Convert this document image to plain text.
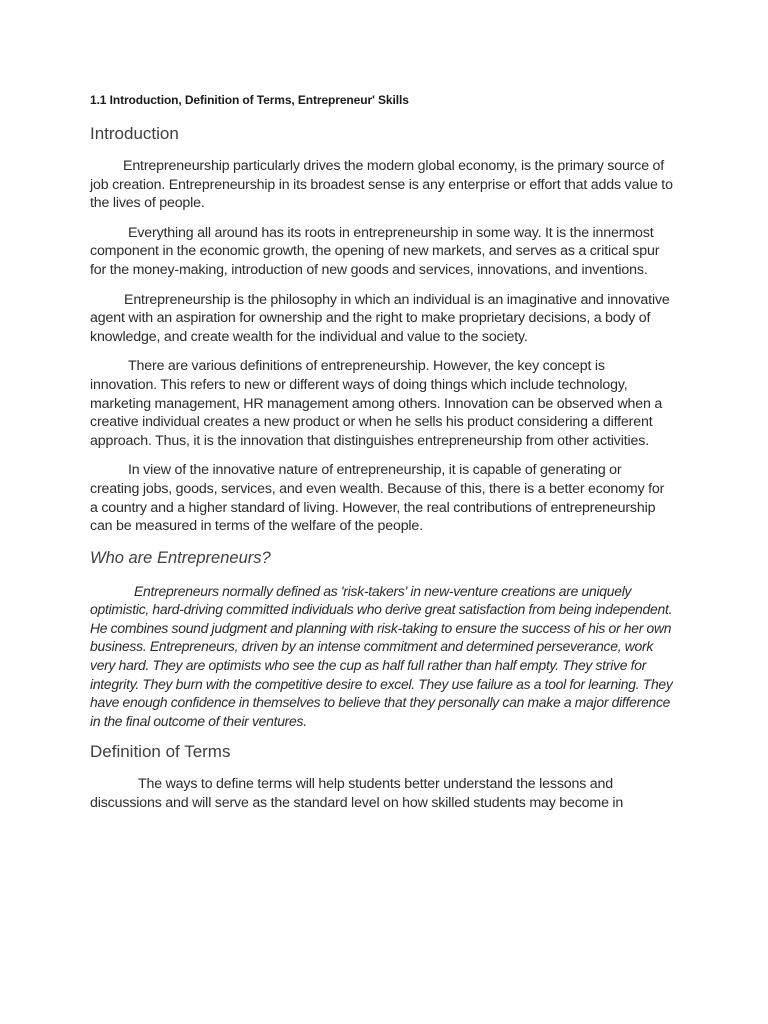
1.1 Introduction, Definition of Terms, Entrepreneur' Skills
Introduction

Entrepreneurship particularly drives the modern global economy, is the primary source of job creation. Entrepreneurship in its broadest sense is any enterprise or effort that adds value to the lives of people.

Everything all around has its roots in entrepreneurship in some way. It is the innermost component in the economic growth, the opening of new markets, and serves as a critical spur for the money-making, introduction of new goods and services, innovations, and inventions.

Entrepreneurship is the philosophy in which an individual is an imaginative and innovative agent with an aspiration for ownership and the right to make proprietary decisions, a body of knowledge, and create wealth for the individual and value to the society.

There are various definitions of entrepreneurship. However, the key concept is innovation. This refers to new or different ways of doing things which include technology, marketing management, HR management among others. Innovation can be observed when a creative individual creates a new product or when he sells his product considering a different approach. Thus, it is the innovation that distinguishes entrepreneurship from other activities.

In view of the innovative nature of entrepreneurship, it is capable of generating or creating jobs, goods, services, and even wealth. Because of this, there is a better economy for a country and a higher standard of living. However, the real contributions of entrepreneurship can be measured in terms of the welfare of the people.

Who are Entrepreneurs?

Entrepreneurs normally defined as 'risk-takers' in new-venture creations are uniquely optimistic, hard-driving committed individuals who derive great satisfaction from being independent. He combines sound judgment and planning with risk-taking to ensure the success of his or her own business. Entrepreneurs, driven by an intense commitment and determined perseverance, work very hard. They are optimists who see the cup as half full rather than half empty. They strive for integrity. They burn with the competitive desire to excel. They use failure as a tool for learning. They have enough confidence in themselves to believe that they personally can make a major difference in the final outcome of their ventures.

Definition of Terms

The ways to define terms will help students better understand the lessons and discussions and will serve as the standard level on how skilled students may become in
